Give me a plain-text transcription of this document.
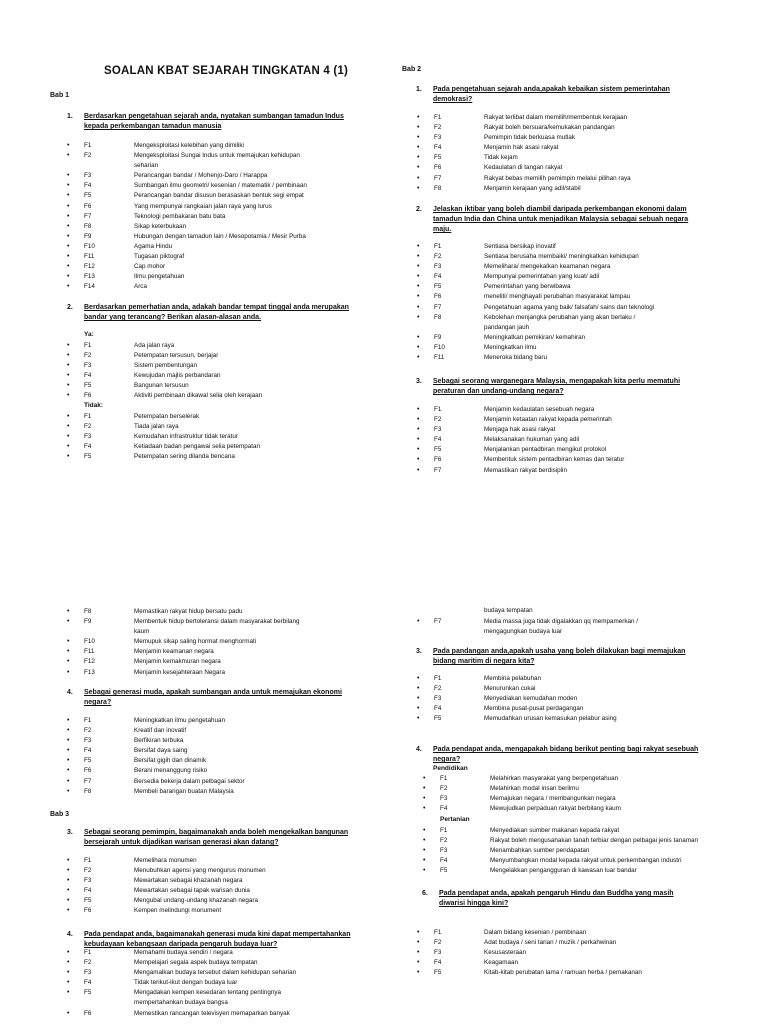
SOALAN KBAT SEJARAH TINGKATAN 4 (1)
Bab 1
1. Berdasarkan pengetahuan sejarah anda, nyatakan sumbangan tamadun Indus
kepada perkembangan tamadun manusia
• F1	Mengeksploitasi kelebihan yang dimiliki
• F2	Mengeksploitasi Sungai Indus untuk memajukan kehidupan
seharian
• F3	Perancangan bandar / Mohenjo-Daro / Harappa
• F4	Sumbangan ilmu geometri/ kesenian / matematik / pembinaan
• F5	Perancangan bandar disusun berasaskan bentuk segi empat
• F6	Yang mempunyai rangkaian jalan raya yang lurus
• F7	Teknologi pembakaran batu bata
• F8	Sikap keterbukaan
• F9	Hubungan dengan tamadun lain / Mesopotamia / Mesir Purba
• F10	Agama Hindu
• F11	Tugasan piktograf
• F12	Cap mohor
• F13	Ilmu pengetahuan
• F14	Arca
2. Berdasarkan pemerhatian anda, adakah bandar tempat tinggal anda merupakan
bandar yang terancang? Berikan alasan-alasan anda.
Ya:
• F1	Ada jalan raya
• F2	Petempatan tersusun, berjajar
• F3	Sistem pembentungan
• F4	Kewujudan majlis perbandaran
• F5	Bangunan tersusun
• F6	Aktiviti pembinaan dikawal selia oleh kerajaan
Tidak:
• F1	Petempatan berselerak
• F2	Tiada jalan raya
• F3	Kemudahan infrastruktur tidak teratur
• F4	Ketiadaan badan pengawai selia petempatan
• F5	Petempatan sering dilanda bencana
Bab 2
1. Pada pengetahuan sejarah anda,apakah kebaikan sistem pemerintahan
demokrasi?
• F1	Rakyat terlibat dalam memilih/membentuk kerajaan
• F2	Rakyat boleh bersuara/kemukakan pandangan
• F3	Pemimpin tidak berkuasa mutlak
• F4	Menjamin hak asasi rakyat
• F5	Tidak kejam
• F6	Kedaulatan di tangan rakyat
• F7	Rakyat bebas memilih pemimpin melalui pilihan raya
• F8	Menjamin kerajaan yang adil/stabil
2. Jelaskan iktibar yang boleh diambil daripada perkembangan ekonomi dalam
tamadun India dan China untuk menjadikan Malaysia sebagai sebuah negara
maju.
• F1	Sentiasa bersikap inovatif
• F2	Sentiasa berusaha membaiki/ meningkatkan kehidupan
• F3	Memelihara/ mengekalkan keamanan negara
• F4	Mempunyai pemerintahan yang kuat/ adil
• F5	Pemerintahan yang berwibawa
• F6	meneliti/ menghayati perubahan masyarakat lampau
• F7	Pengetahuan agama yang baik/ falsafah/ sains dan teknologi
• F8	Kebolehan menjangka perubahan yang akan berlaku /
pandangan jauh
• F9	Meningkatkan pemikiran/ kemahiran
• F10	Meningkatkan ilmu
• F11	Meneroka bidang baru
3. Sebagai seorang warganegara Malaysia, mengapakah kita perlu mematuhi
peraturan dan undang-undang negara?
• F1	Menjamin kedaulatan sesebuah negara
• F2	Menjamin ketaatan rakyat kepada pemerintah
• F3	Menjaga hak asasi rakyat
• F4	Melaksanakan hukuman yang adil
• F5	Menjalankan pentadbiran mengikut protokol
• F6	Membentuk sistem pentadbiran kemas dan teratur
• F7	Memastikan rakyat berdisiplin
• F8	Memastikan rakyat hidup bersatu padu
• F9	Membentuk hidup bertoleransi dalam masyarakat berbilang
kaum
• F10	Memupuk sikap saling hormat menghormati
• F11	Menjamin keamanan negara
• F12	Menjamin kemakmuran negara
• F13	Menjamin kesejahteraan Negara
4. Sebagai generasi muda, apakah sumbangan anda untuk memajukan ekonomi
negara?
• F1	Meningkatkan ilmu pengetahuan
• F2	Kreatif dan inovatif
• F3	Berfikiran terbuka
• F4	Bersifat daya saing
• F5	Bersifat gigih dan dinamik
• F6	Berani menanggung risiko
• F7	Bersedia bekerja dalam pelbagai sektor
• F8	Membeli barangan buatan Malaysia
Bab 3
3. Sebagai seorang pemimpin, bagaimanakah anda boleh mengekalkan bangunan
bersejarah untuk dijadikan warisan generasi akan datang?
• F1	Memelihara monumen
• F2	Menubuhkan agensi yang mengurus monumen
• F3	Mewartakan sebagai khazanah negara
• F4	Mewartakan sebagai tapak warisan dunia
• F5	Mengubal undang-undang khazanah negara
• F6	Kempen melindungi monument
4. Pada pendapat anda, bagaimanakah generasi muda kini dapat mempertahankan
kebudayaan kebangsaan daripada pengaruh budaya luar?
• F1	Memahami budaya sendiri / negara
• F2	Mempelajari segala aspek budaya tempatan
• F3	Mengamalkan budaya tersebut dalam kehidupan seharian
• F4	Tidak terikut-ikut dengan budaya luar
• F5	Mengadakan kempen kesedaran tentang pentingnya
mempertahankan budaya bangsa
• F6	Memestikan rancangan televisyen memaparkan banyak
budaya tempatan
• F7	Media massa juga tidak digalakkan qq mempamerkan /
mengagungkan budaya luar
3. Pada pandangan anda,apakah usaha yang boleh dilakukan bagi memajukan
bidang maritim di negara kita?
• F1	Membina pelabuhan
• F2	Menurunkan cukai
• F3	Menyediakan kemudahan moden
• F4	Membina pusat-pusat perdagangan
• F5	Memudahkan urusan kemasukan pelabur asing
4. Pada pendapat anda, mengapakah bidang berikut penting bagi rakyat sesebuah
negara?
Pendidikan
• F1	Melahirkan masyarakat yang berpengetahuan
• F2	Melahirkan modal insan berilmu
• F3	Memajukan negara / membangunkan negara
• F4	Mewujudkan perpaduan rakyat berbilang kaum
Pertanian
• F1	Menyediakan sumber makanan kepada rakyat
• F2	Rakyat boleh mengusahakan tanah terbiar dengan pelbagai jenis tanaman
• F3	Menambahkan sumber pendapatan
• F4	Menyumbangkan modal kepada rakyat untuk perkembangan industri
• F5	Mengelakkan pengangguran di kawasan luar bandar
6. Pada pendapat anda, apakah pengaruh Hindu dan Buddha yang masih
diwarisi hingga kini?
• F1	Dalam bidang kesenian / pembinaan
• F2	Adat budaya / seni tarian / muzik / perkahwinan
• F3	Kesusasteraan
• F4	Keagamaan
• F5	Kitab-kitab perubatan lama / ramuan herba / pemakanan
